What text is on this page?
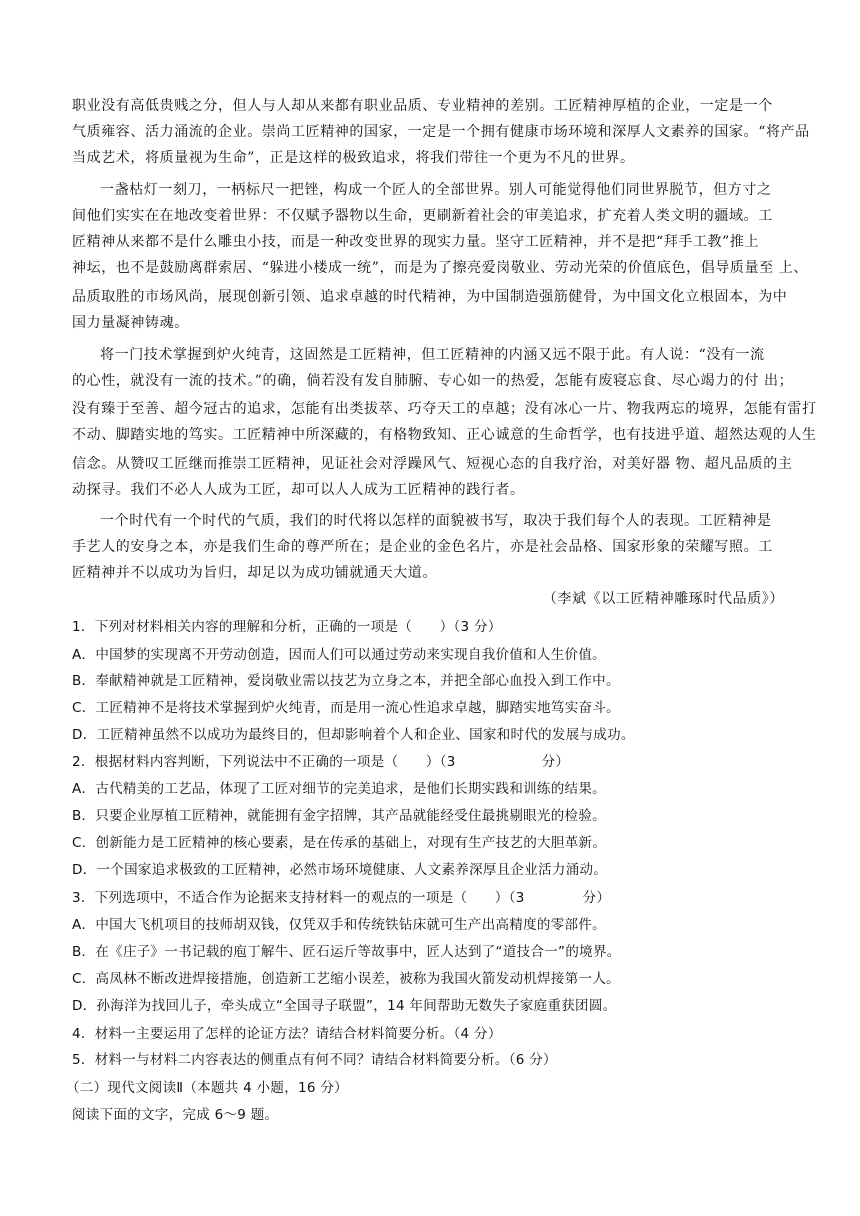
职业没有高低贵贱之分，但人与人却从来都有职业品质、专业精神的差别。工匠精神厚植的企业，一定是一个
气质雍容、活力涌流的企业。崇尚工匠精神的国家，一定是一个拥有健康市场环境和深厚人文素养的国家。“将产品
当成艺术，将质量视为生命”，正是这样的极致追求，将我们带往一个更为不凡的世界。
一盏枯灯一刻刀，一柄标尺一把锉，构成一个匠人的全部世界。别人可能觉得他们同世界脱节，但方寸之
间他们实实在在地改变着世界：不仅赋予器物以生命，更刷新着社会的审美追求，扩充着人类文明的疆域。工
匠精神从来都不是什么雕虫小技，而是一种改变世界的现实力量。坚守工匠精神，并不是把“拜手工教”推上
神坛，也不是鼓励离群索居、“躲进小楼成一统”，而是为了擦亮爱岗敬业、劳动光荣的价值底色，倡导质量至 上、
品质取胜的市场风尚，展现创新引领、追求卓越的时代精神，为中国制造强筋健骨，为中国文化立根固本，为中
国力量凝神铸魂。
将一门技术掌握到炉火纯青，这固然是工匠精神，但工匠精神的内涵又远不限于此。有人说：“没有一流
的心性，就没有一流的技术。”的确，倘若没有发自肺腑、专心如一的热爱，怎能有废寝忘食、尽心竭力的付 出；
没有臻于至善、超今冠古的追求，怎能有出类拔萃、巧夺天工的卓越；没有冰心一片、物我两忘的境界，怎能有雷打
不动、脚踏实地的笃实。工匠精神中所深藏的，有格物致知、正心诚意的生命哲学，也有技进乎道、超然达观的人生
信念。从赞叹工匠继而推崇工匠精神，见证社会对浮躁风气、短视心态的自我疗治，对美好器 物、超凡品质的主
动探寻。我们不必人人成为工匠，却可以人人成为工匠精神的践行者。
一个时代有一个时代的气质，我们的时代将以怎样的面貌被书写，取决于我们每个人的表现。工匠精神是
手艺人的安身之本，亦是我们生命的尊严所在；是企业的金色名片，亦是社会品格、国家形象的荣耀写照。工
匠精神并不以成功为旨归，却足以为成功铺就通天大道。
（李斌《以工匠精神雕琢时代品质》）
1．下列对材料相关内容的理解和分析，正确的一项是（　　）（3 分）
A．中国梦的实现离不开劳动创造，因而人们可以通过劳动来实现自我价值和人生价值。
B．奉献精神就是工匠精神，爱岗敬业需以技艺为立身之本，并把全部心血投入到工作中。
C．工匠精神不是将技术掌握到炉火纯青，而是用一流心性追求卓越，脚踏实地笃实奋斗。
D．工匠精神虽然不以成功为最终目的，但却影响着个人和企业、国家和时代的发展与成功。
2．根据材料内容判断，下列说法中不正确的一项是（　　）（3	分）
A．古代精美的工艺品，体现了工匠对细节的完美追求，是他们长期实践和训练的结果。
B．只要企业厚植工匠精神，就能拥有金字招牌，其产品就能经受住最挑剔眼光的检验。
C．创新能力是工匠精神的核心要素，是在传承的基础上，对现有生产技艺的大胆革新。
D．一个国家追求极致的工匠精神，必然市场环境健康、人文素养深厚且企业活力涌动。
3．下列选项中，不适合作为论据来支持材料一的观点的一项是（　　）（3	分）
A．中国大飞机项目的技师胡双钱，仅凭双手和传统铁钻床就可生产出高精度的零部件。
B．在《庄子》一书记载的庖丁解牛、匠石运斤等故事中，匠人达到了“道技合一”的境界。
C．高凤林不断改进焊接措施，创造新工艺缩小误差，被称为我国火箭发动机焊接第一人。
D．孙海洋为找回儿子，牵头成立“全国寻子联盟”，14 年间帮助无数失子家庭重获团圆。
4．材料一主要运用了怎样的论证方法？请结合材料简要分析。（4 分）
5．材料一与材料二内容表达的侧重点有何不同？请结合材料简要分析。（6 分）
（二）现代文阅读Ⅱ（本题共 4 小题，16 分）
阅读下面的文字，完成 6～9 题。
